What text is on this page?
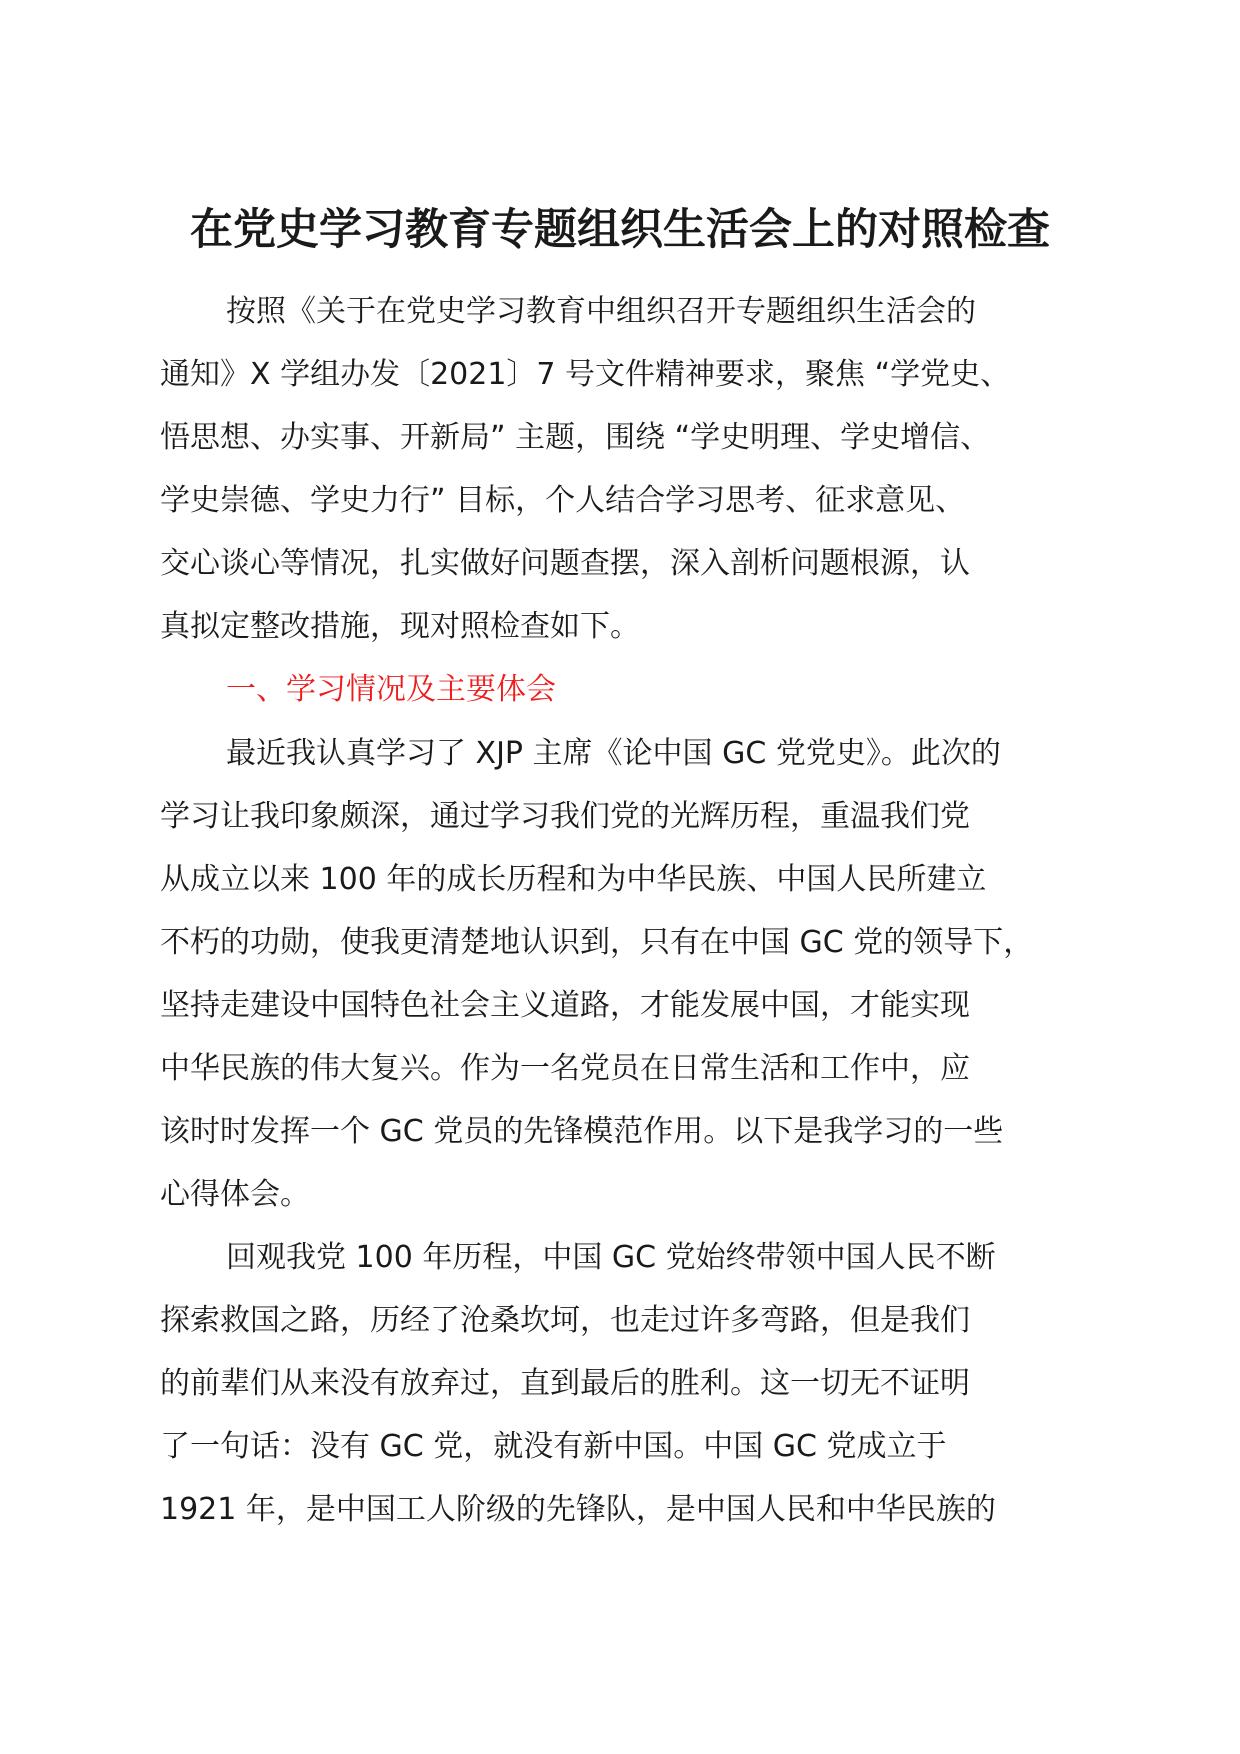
在党史学习教育专题组织生活会上的对照检查
按照《关于在党史学习教育中组织召开专题组织生活会的
通知》X 学组办发〔2021〕7 号文件精神要求，聚焦 “学党史、
悟思想、办实事、开新局” 主题，围绕 “学史明理、学史增信、
学史崇德、学史力行” 目标，个人结合学习思考、征求意见、
交心谈心等情况，扎实做好问题查摆，深入剖析问题根源，认
真拟定整改措施，现对照检查如下。
一、学习情况及主要体会
最近我认真学习了 XJP 主席《论中国 GC 党党史》。此次的
学习让我印象颇深，通过学习我们党的光辉历程，重温我们党
从成立以来 100 年的成长历程和为中华民族、中国人民所建立
不朽的功勋，使我更清楚地认识到，只有在中国 GC 党的领导下，
坚持走建设中国特色社会主义道路，才能发展中国，才能实现
中华民族的伟大复兴。作为一名党员在日常生活和工作中，应
该时时发挥一个 GC 党员的先锋模范作用。以下是我学习的一些
心得体会。
回观我党 100 年历程，中国 GC 党始终带领中国人民不断
探索救国之路，历经了沧桑坎坷，也走过许多弯路，但是我们
的前辈们从来没有放弃过，直到最后的胜利。这一切无不证明
了一句话：没有 GC 党，就没有新中国。中国 GC 党成立于
1921 年，是中国工人阶级的先锋队，是中国人民和中华民族的
